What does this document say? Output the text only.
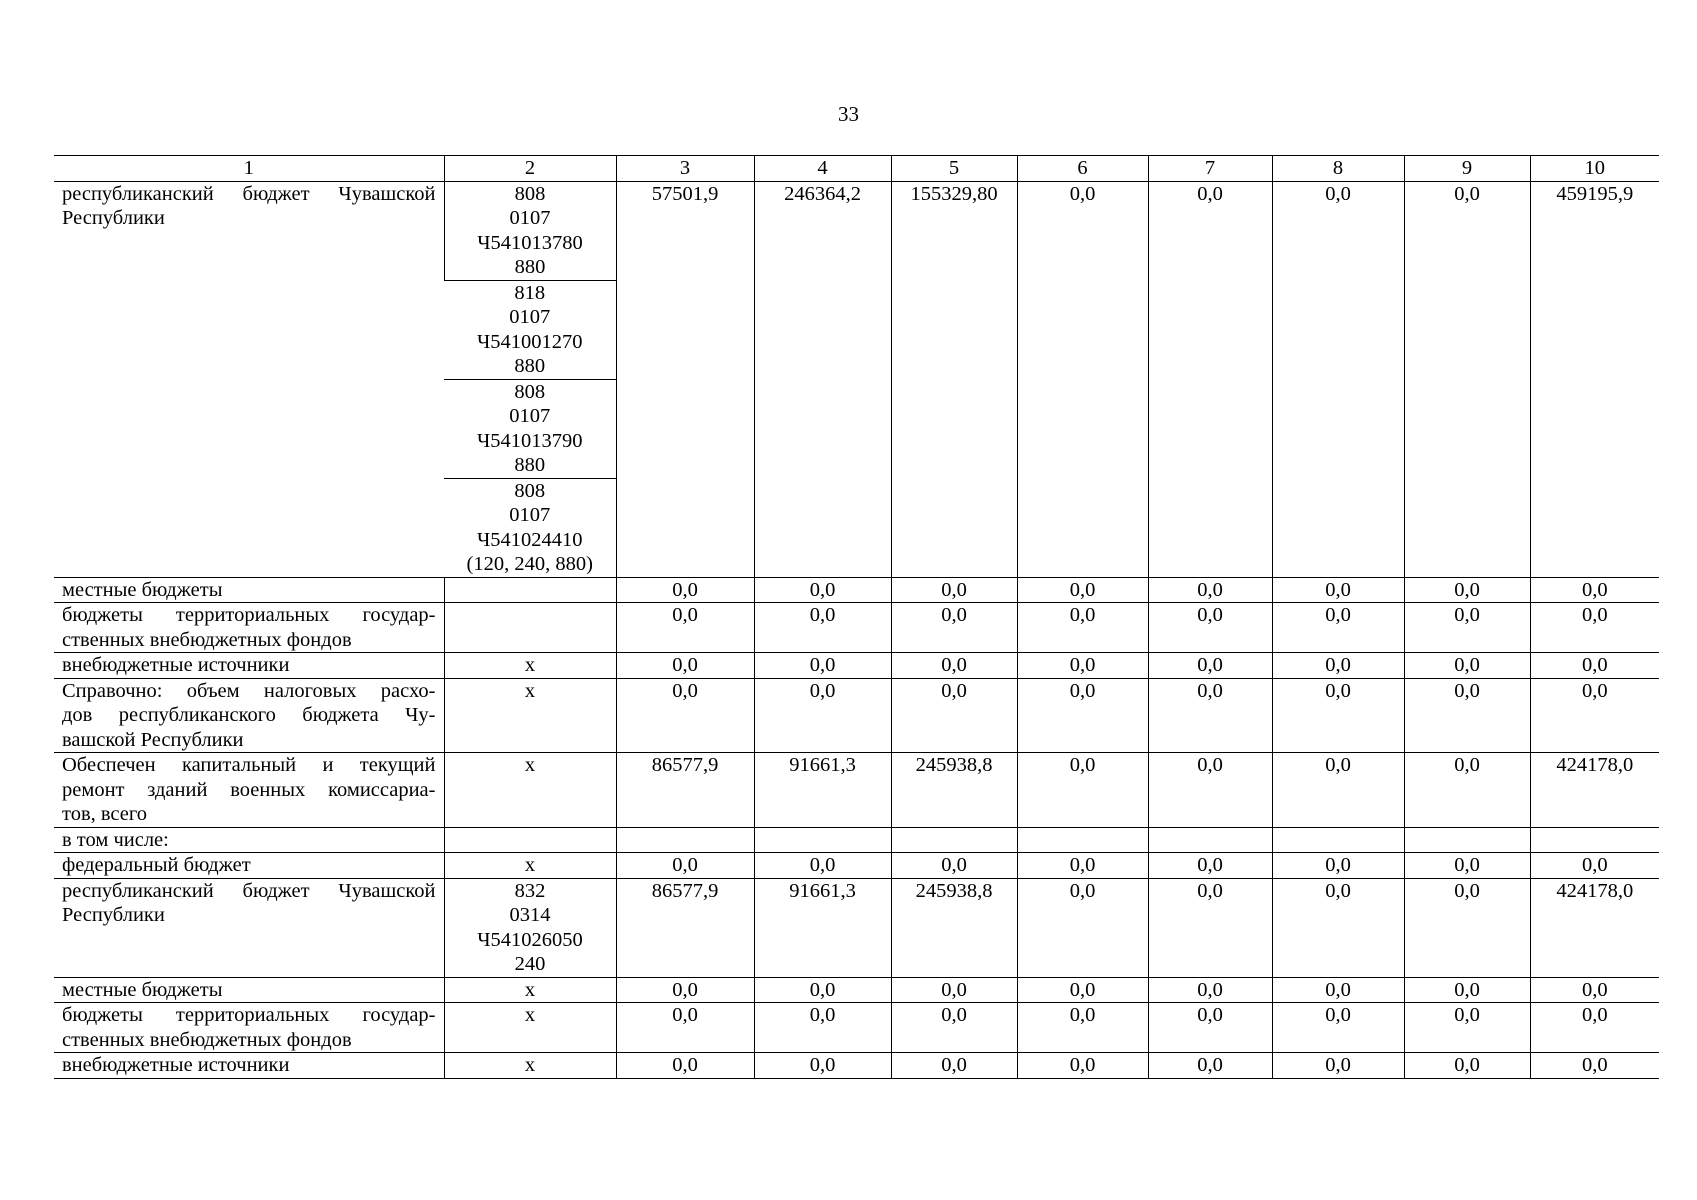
33
1	2	3	4	5	6	7	8	9	10

республиканский бюджет Чувашской
Республики	808
0107
Ч541013780
880	57501,9	246364,2	155329,80	0,0	0,0	0,0	0,0	459195,9

	818
0107
Ч541001270
880								

	808
0107
Ч541013790
880								

	808
0107
Ч541024410
(120, 240, 880)								

местные бюджеты		0,0	0,0	0,0	0,0	0,0	0,0	0,0	0,0

бюджеты территориальных государ-
ственных внебюджетных фондов		0,0	0,0	0,0	0,0	0,0	0,0	0,0	0,0

внебюджетные источники	х	0,0	0,0	0,0	0,0	0,0	0,0	0,0	0,0

Справочно: объем налоговых расхо-
дов республиканского бюджета Чу-
вашской Республики	х	0,0	0,0	0,0	0,0	0,0	0,0	0,0	0,0

Обеспечен капитальный и текущий
ремонт зданий военных комиссариа-
тов, всего	х	86577,9	91661,3	245938,8	0,0	0,0	0,0	0,0	424178,0

в том числе:									

федеральный бюджет	х	0,0	0,0	0,0	0,0	0,0	0,0	0,0	0,0

республиканский бюджет Чувашской
Республики	832
0314
Ч541026050
240	86577,9	91661,3	245938,8	0,0	0,0	0,0	0,0	424178,0

местные бюджеты	х	0,0	0,0	0,0	0,0	0,0	0,0	0,0	0,0

бюджеты территориальных государ-
ственных внебюджетных фондов	х	0,0	0,0	0,0	0,0	0,0	0,0	0,0	0,0

внебюджетные источники	х	0,0	0,0	0,0	0,0	0,0	0,0	0,0	0,0
